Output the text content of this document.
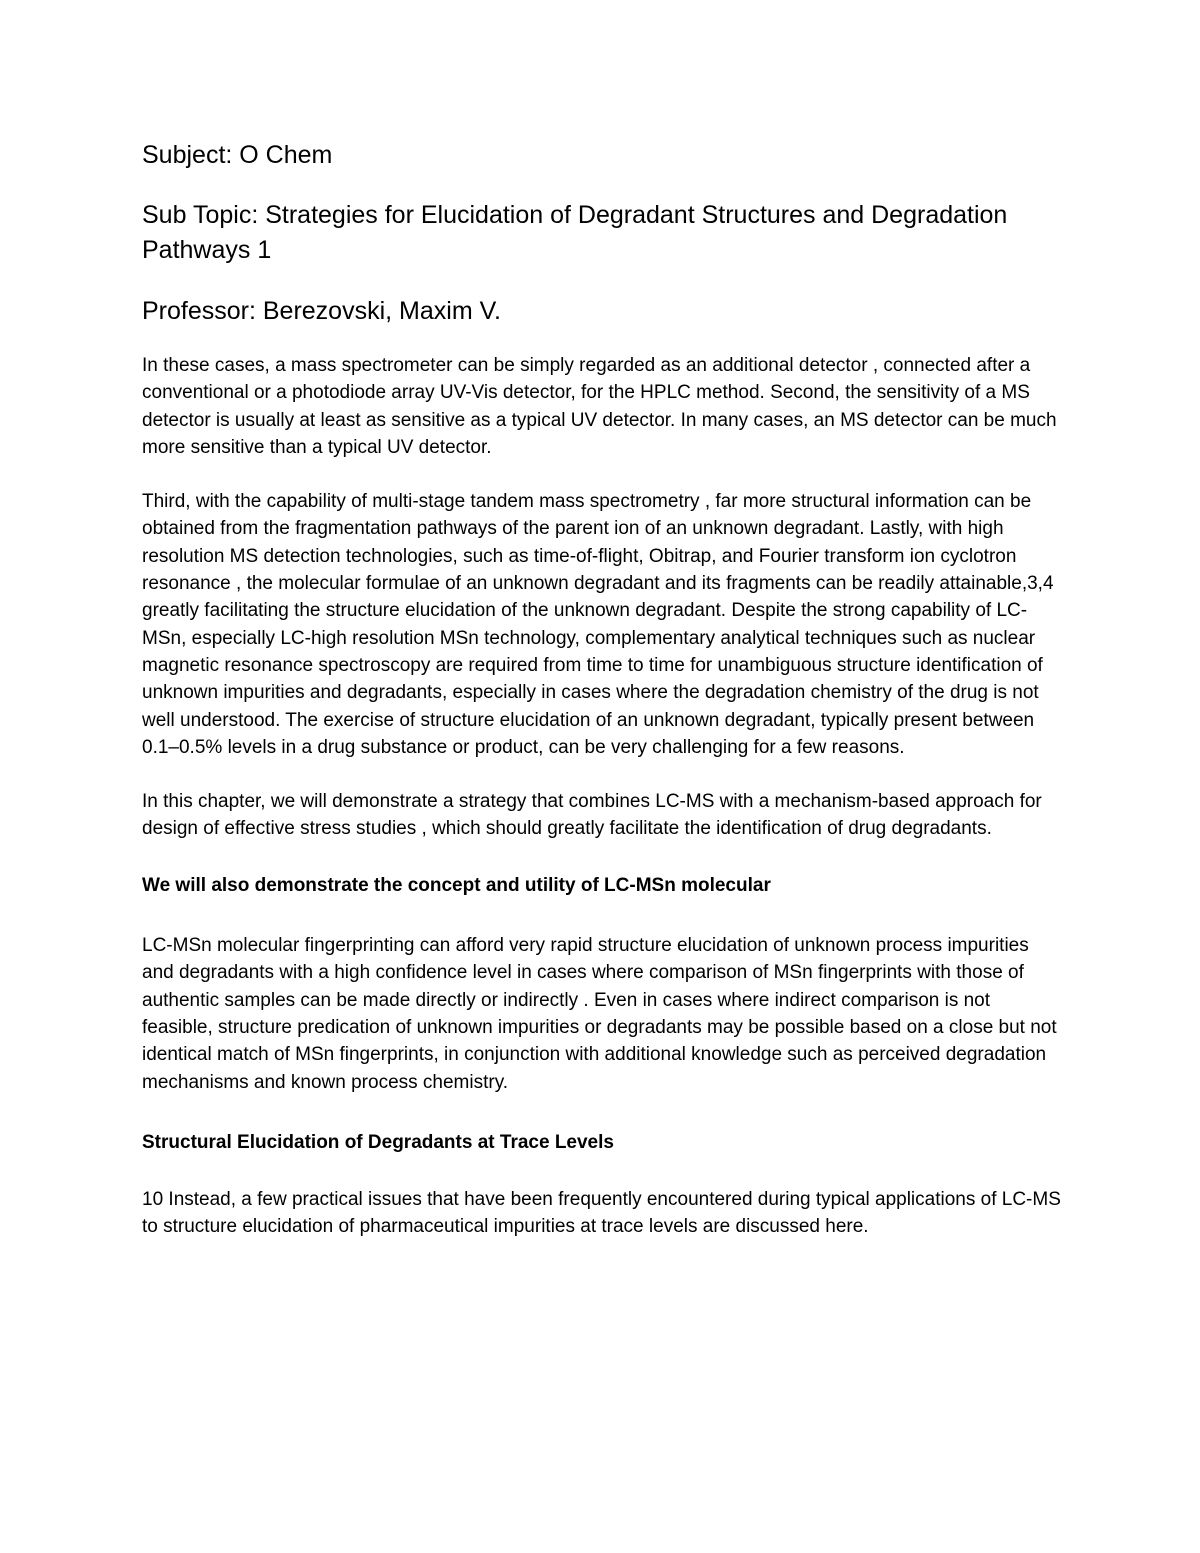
Subject: O Chem

Sub Topic: Strategies for Elucidation of Degradant Structures and Degradation Pathways 1

Professor: Berezovski, Maxim V.

In these cases, a mass spectrometer can be simply regarded as an additional detector , connected after a conventional or a photodiode array UV-Vis detector, for the HPLC method. Second, the sensitivity of a MS detector is usually at least as sensitive as a typical UV detector. In many cases, an MS detector can be much more sensitive than a typical UV detector.

Third, with the capability of multi-stage tandem mass spectrometry , far more structural information can be obtained from the fragmentation pathways of the parent ion of an unknown degradant. Lastly, with high resolution MS detection technologies, such as time-of-flight, Obitrap, and Fourier transform ion cyclotron resonance , the molecular formulae of an unknown degradant and its fragments can be readily attainable,3,4 greatly facilitating the structure elucidation of the unknown degradant. Despite the strong capability of LC-MSn, especially LC-high resolution MSn technology, complementary analytical techniques such as nuclear magnetic resonance spectroscopy are required from time to time for unambiguous structure identification of unknown impurities and degradants, especially in cases where the degradation chemistry of the drug is not well understood. The exercise of structure elucidation of an unknown degradant, typically present between 0.1–0.5% levels in a drug substance or product, can be very challenging for a few reasons.

In this chapter, we will demonstrate a strategy that combines LC-MS with a mechanism-based approach for design of effective stress studies , which should greatly facilitate the identification of drug degradants.

We will also demonstrate the concept and utility of LC-MSn molecular

LC-MSn molecular fingerprinting can afford very rapid structure elucidation of unknown process impurities and degradants with a high confidence level in cases where comparison of MSn fingerprints with those of authentic samples can be made directly or indirectly . Even in cases where indirect comparison is not feasible, structure predication of unknown impurities or degradants may be possible based on a close but not identical match of MSn fingerprints, in conjunction with additional knowledge such as perceived degradation mechanisms and known process chemistry.

Structural Elucidation of Degradants at Trace Levels

10 Instead, a few practical issues that have been frequently encountered during typical applications of LC-MS to structure elucidation of pharmaceutical impurities at trace levels are discussed here.
